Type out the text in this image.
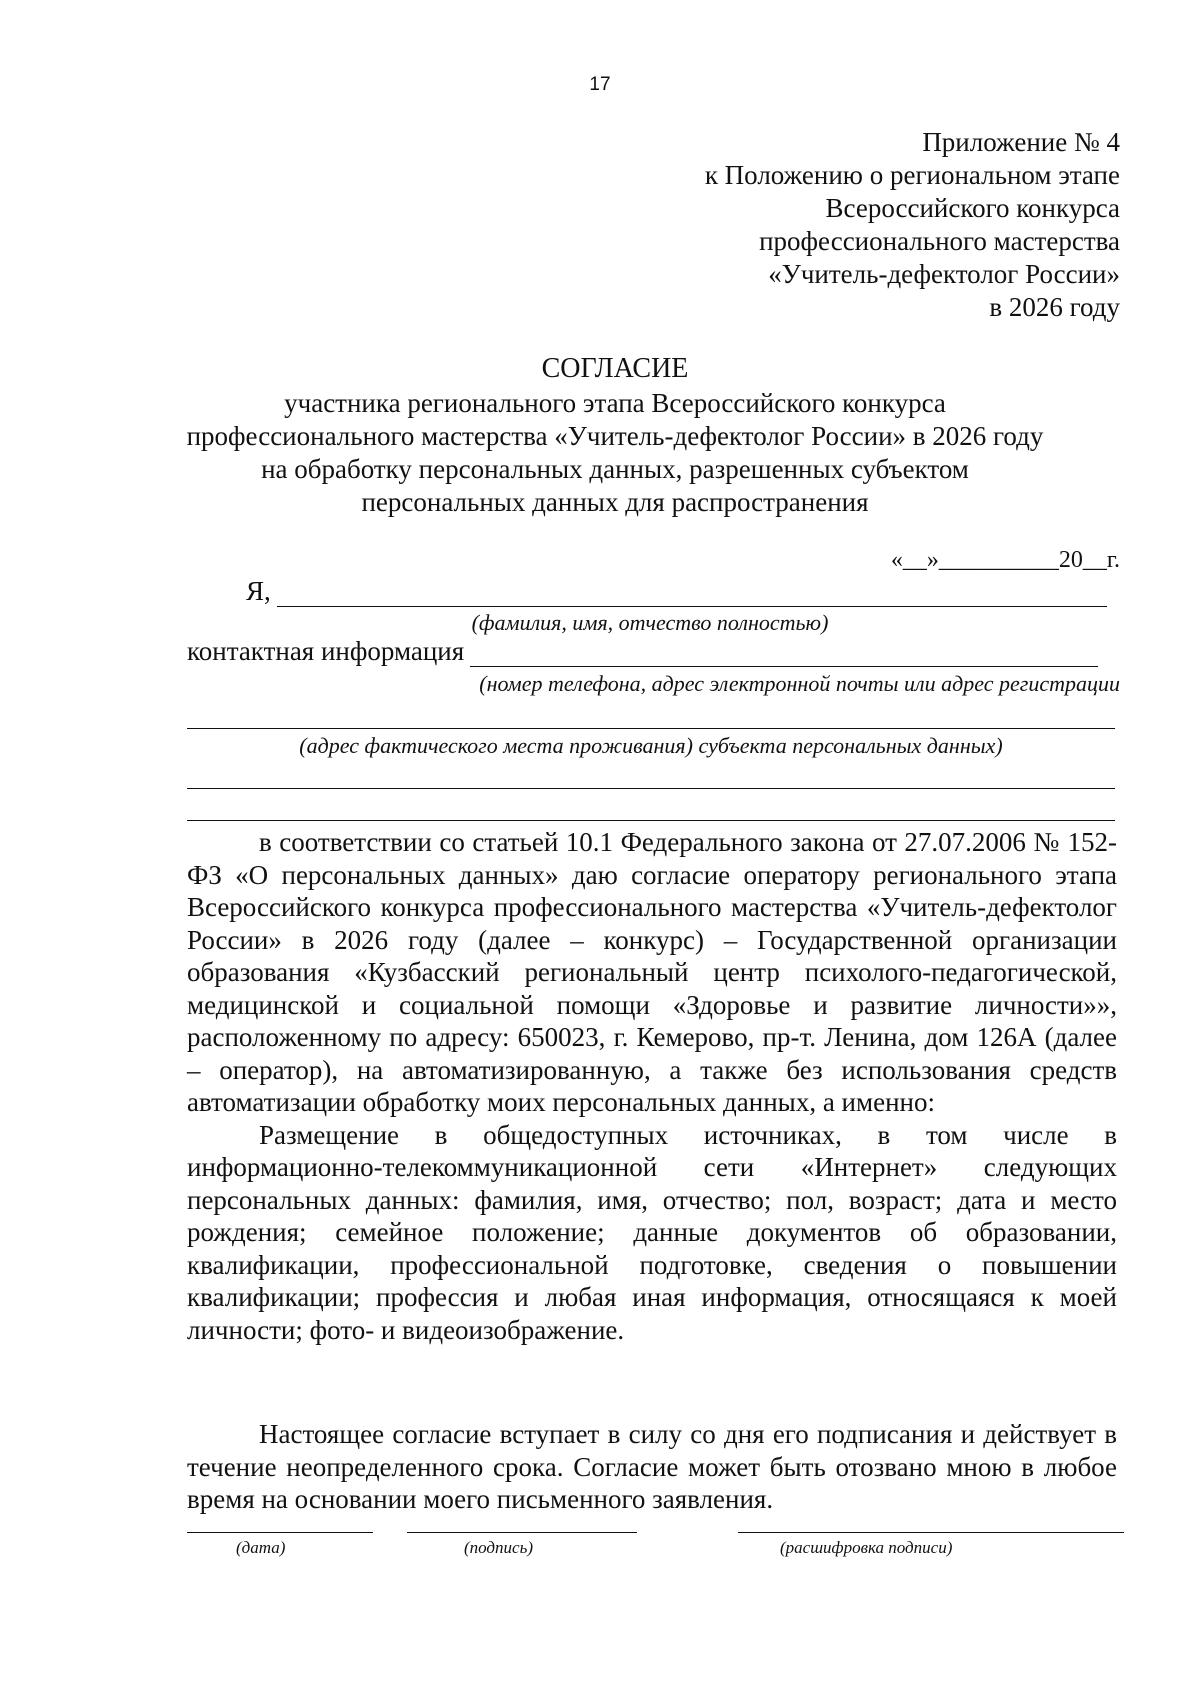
17
Приложение № 4
к Положению о региональном этапе
Всероссийского конкурса
профессионального мастерства
«Учитель-дефектолог России»
в 2026 году
СОГЛАСИЕ
участника регионального этапа Всероссийского конкурса
профессионального мастерства «Учитель-дефектолог России» в 2026 году
на обработку персональных данных, разрешенных субъектом
персональных данных для распространения
«__»__________20__г.
Я,
(фамилия, имя, отчество полностью)
контактная информация
(номер телефона, адрес электронной почты или адрес регистрации
(адрес фактического места проживания) субъекта персональных данных)

в соответствии со статьей 10.1 Федерального закона от 27.07.2006 № 152-ФЗ «О персональных данных» даю согласие оператору регионального этапа Всероссийского конкурса профессионального мастерства «Учитель-дефектолог России» в 2026 году (далее – конкурс) – Государственной организации образования «Кузбасский региональный центр психолого-педагогической, медицинской и социальной помощи «Здоровье и развитие личности»», расположенному по адресу: 650023, г. Кемерово, пр-т. Ленина, дом 126А (далее – оператор), на автоматизированную, а также без использования средств автоматизации обработку моих персональных данных, а именно:

Размещение в общедоступных источниках, в том числе в информационно-телекоммуникационной сети «Интернет» следующих персональных данных: фамилия, имя, отчество; пол, возраст; дата и место рождения; семейное положение; данные документов об образовании, квалификации, профессиональной подготовке, сведения о повышении квалификации; профессия и любая иная информация, относящаяся к моей личности; фото- и видеоизображение.

Настоящее согласие вступает в силу со дня его подписания и действует в течение неопределенного срока. Согласие может быть отозвано мною в любое время на основании моего письменного заявления.

(дата)	(подпись)	(расшифровка подписи)
